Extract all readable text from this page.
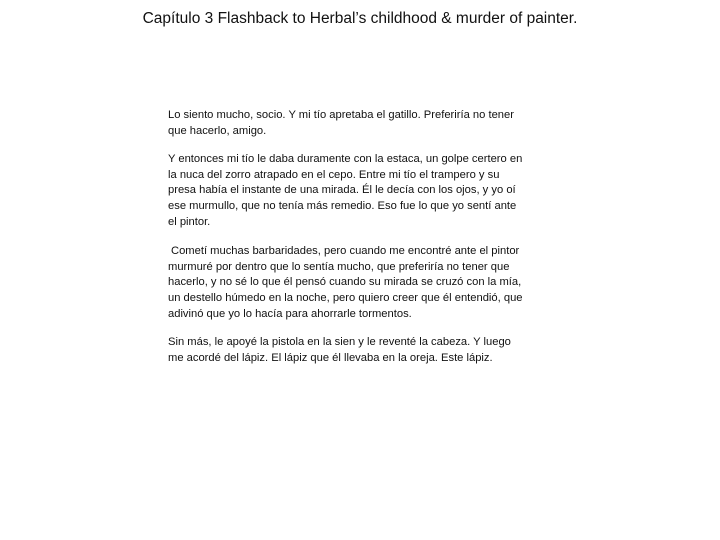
Capítulo 3 Flashback to Herbal’s childhood & murder of painter.

Lo siento mucho, socio. Y mi tío apretaba el gatillo. Preferiría no tener que hacerlo, amigo.

Y entonces mi tío le daba duramente con la estaca, un golpe certero en la nuca del zorro atrapado en el cepo. Entre mi tío el trampero y su presa había el instante de una mirada. Él le decía con los ojos, y yo oí ese murmullo, que no tenía más remedio. Eso fue lo que yo sentí ante el pintor.

Cometí muchas barbaridades, pero cuando me encontré ante el pintor murmuré por dentro que lo sentía mucho, que preferiría no tener que hacerlo, y no sé lo que él pensó cuando su mirada se cruzó con la mía, un destello húmedo en la noche, pero quiero creer que él entendió, que adivinó que yo lo hacía para ahorrarle tormentos.

Sin más, le apoyé la pistola en la sien y le reventé la cabeza. Y luego me acordé del lápiz. El lápiz que él llevaba en la oreja. Este lápiz.
